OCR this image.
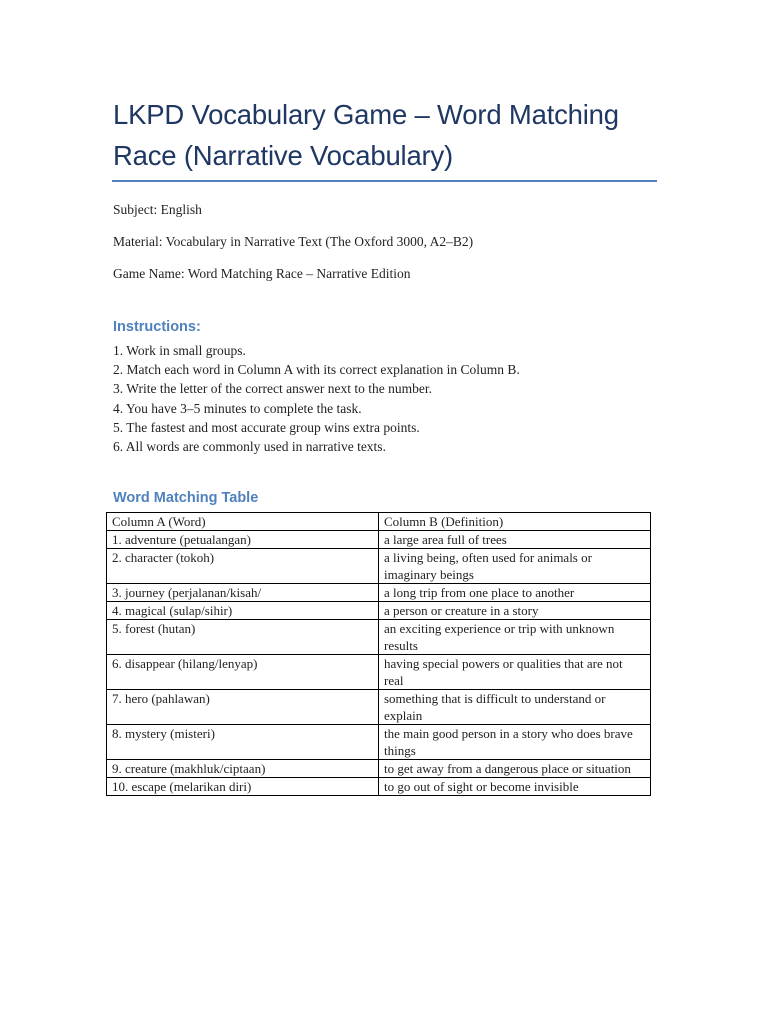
LKPD Vocabulary Game – Word Matching Race (Narrative Vocabulary)
Subject: English
Material: Vocabulary in Narrative Text (The Oxford 3000, A2–B2)
Game Name: Word Matching Race – Narrative Edition
Instructions:
1. Work in small groups.
2. Match each word in Column A with its correct explanation in Column B.
3. Write the letter of the correct answer next to the number.
4. You have 3–5 minutes to complete the task.
5. The fastest and most accurate group wins extra points.
6. All words are commonly used in narrative texts.
Word Matching Table
Column A (Word)	Column B (Definition)
1. adventure (petualangan)	a large area full of trees
2. character (tokoh)	a living being, often used for animals or imaginary beings
3. journey (perjalanan/kisah/	a long trip from one place to another
4. magical (sulap/sihir)	a person or creature in a story
5. forest (hutan)	an exciting experience or trip with unknown results
6. disappear (hilang/lenyap)	having special powers or qualities that are not real
7. hero (pahlawan)	something that is difficult to understand or explain
8. mystery (misteri)	the main good person in a story who does brave things
9. creature (makhluk/ciptaan)	to get away from a dangerous place or situation
10. escape (melarikan diri)	to go out of sight or become invisible
